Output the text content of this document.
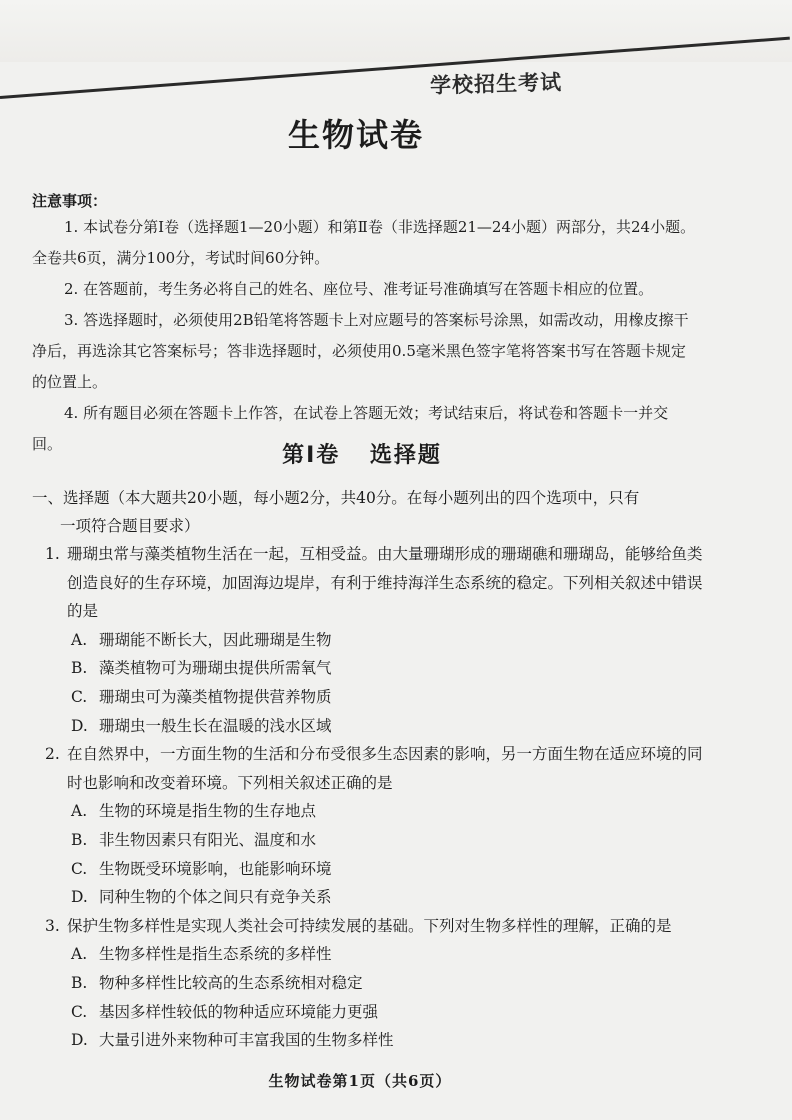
学校招生考试
生物试卷
注意事项：

1. 本试卷分第Ⅰ卷（选择题1—20小题）和第Ⅱ卷（非选择题21—24小题）两部分，共24小题。全卷共6页，满分100分，考试时间60分钟。

2. 在答题前，考生务必将自己的姓名、座位号、准考证号准确填写在答题卡相应的位置。

3. 答选择题时，必须使用2B铅笔将答题卡上对应题号的答案标号涂黑，如需改动，用橡皮擦干净后，再选涂其它答案标号；答非选择题时，必须使用0.5毫米黑色签字笔将答案书写在答题卡规定的位置上。

4. 所有题目必须在答题卡上作答，在试卷上答题无效；考试结束后，将试卷和答题卡一并交回。	第Ⅰ卷 选择题
一、选择题（本大题共20小题，每小题2分，共40分。在每小题列出的四个选项中，只有
一项符合题目要求）
1. 珊瑚虫常与藻类植物生活在一起，互相受益。由大量珊瑚形成的珊瑚礁和珊瑚岛，能够给鱼类创造良好的生存环境，加固海边堤岸，有利于维持海洋生态系统的稳定。下列相关叙述中错误的是
A. 珊瑚能不断长大，因此珊瑚是生物
B. 藻类植物可为珊瑚虫提供所需氧气
C. 珊瑚虫可为藻类植物提供营养物质
D. 珊瑚虫一般生长在温暖的浅水区域
2. 在自然界中，一方面生物的生活和分布受很多生态因素的影响，另一方面生物在适应环境的同时也影响和改变着环境。下列相关叙述正确的是
A. 生物的环境是指生物的生存地点
B. 非生物因素只有阳光、温度和水
C. 生物既受环境影响，也能影响环境
D. 同种生物的个体之间只有竞争关系
3. 保护生物多样性是实现人类社会可持续发展的基础。下列对生物多样性的理解，正确的是
A. 生物多样性是指生态系统的多样性
B. 物种多样性比较高的生态系统相对稳定
C. 基因多样性较低的物种适应环境能力更强
D. 大量引进外来物种可丰富我国的生物多样性
生物试卷第1页（共6页）
